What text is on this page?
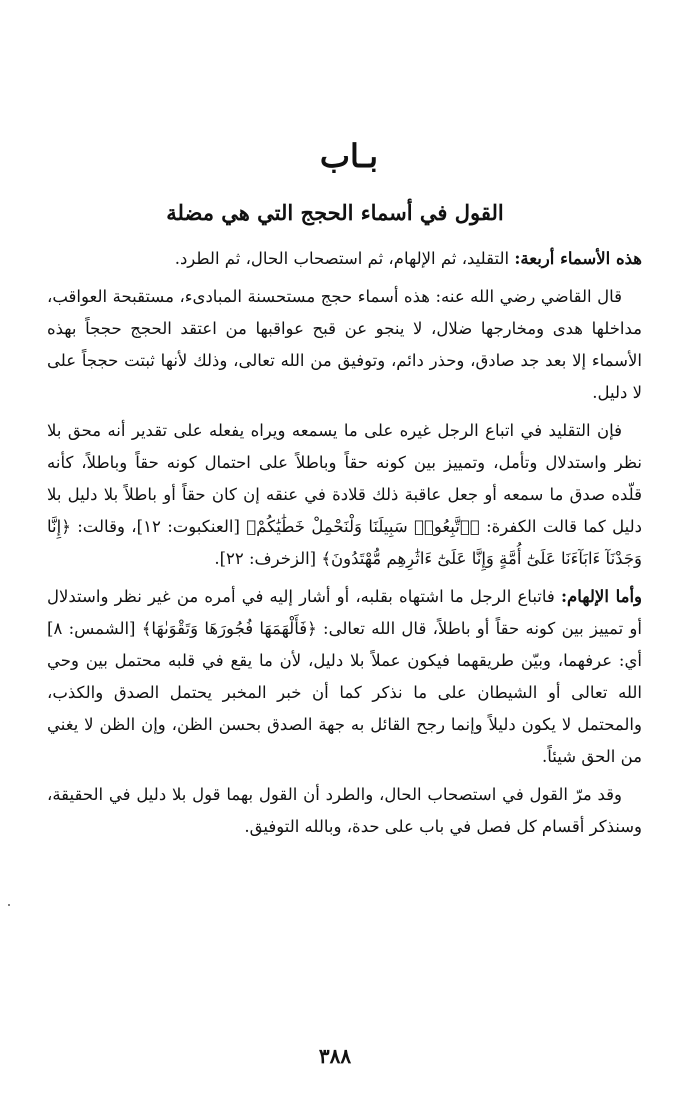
بـاب
القول في أسماء الحجج التي هي مضلة

هذه الأسماء أربعة: التقليد، ثم الإلهام، ثم استصحاب الحال، ثم الطرد.

قال القاضي رضي الله عنه: هذه أسماء حجج مستحسنة المبادىء، مستقبحة العواقب، مداخلها هدى ومخارجها ضلال، لا ينجو عن قبح عواقبها من اعتقد الحجج حججاً بهذه الأسماء إلا بعد جد صادق، وحذر دائم، وتوفيق من الله تعالى، وذلك لأنها ثبتت حججاً على لا دليل.

فإن التقليد في اتباع الرجل غيره على ما يسمعه ويراه يفعله على تقدير أنه محق بلا نظر واستدلال وتأمل، وتمييز بين كونه حقاً وباطلاً على احتمال كونه حقاً وباطلاً، كأنه قلّده صدق ما سمعه أو جعل عاقبة ذلك قلادة في عنقه إن كان حقاً أو باطلاً بلا دليل بلا دليل كما قالت الكفرة: ﴿ٱتَّبِعُوا۟ سَبِيلَنَا وَلْنَحْمِلْ خَطَٰيَٰكُمْ﴾ [العنكبوت: ١٢]، وقالت: ﴿إِنَّا وَجَدْنَآ ءَابَآءَنَا عَلَىٰٓ أُمَّةٍ وَإِنَّا عَلَىٰٓ ءَاثَٰرِهِم مُّهْتَدُونَ﴾ [الزخرف: ٢٢].

وأما الإلهام: فاتباع الرجل ما اشتهاه بقلبه، أو أشار إليه في أمره من غير نظر واستدلال أو تمييز بين كونه حقاً أو باطلاً، قال الله تعالى: ﴿فَأَلْهَمَهَا فُجُورَهَا وَتَقْوَىٰهَا﴾ [الشمس: ٨] أي: عرفهما، وبيّن طريقهما فيكون عملاً بلا دليل، لأن ما يقع في قلبه محتمل بين وحي الله تعالى أو الشيطان على ما نذكر كما أن خبر المخبر يحتمل الصدق والكذب، والمحتمل لا يكون دليلاً وإنما رجح القائل به جهة الصدق بحسن الظن، وإن الظن لا يغني من الحق شيئاً.

وقد مرّ القول في استصحاب الحال، والطرد أن القول بهما قول بلا دليل في الحقيقة، وسنذكر أقسام كل فصل في باب على حدة، وبالله التوفيق.

٣٨٨
